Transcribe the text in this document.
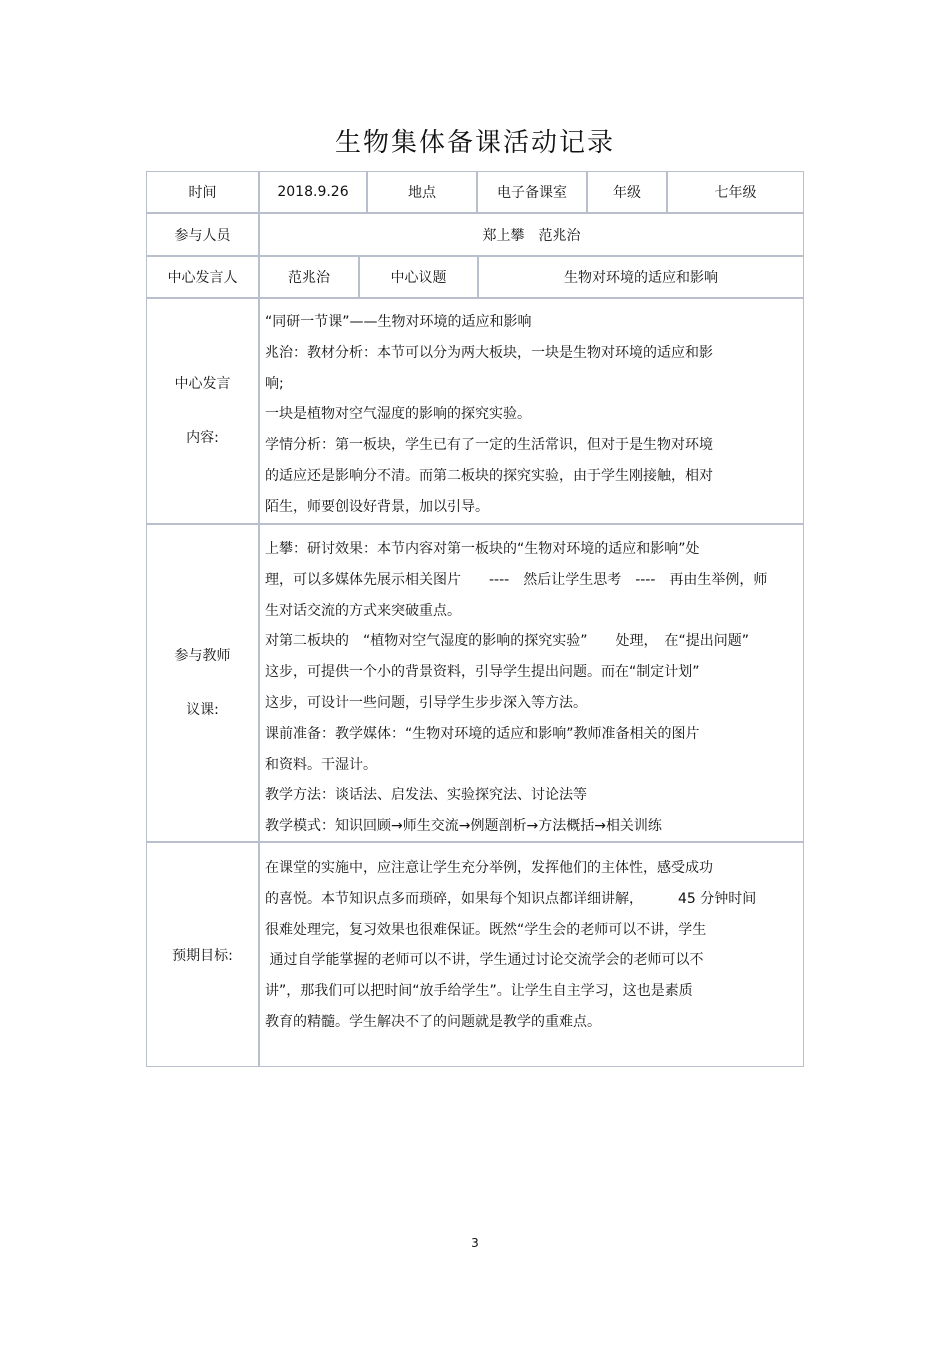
生物集体备课活动记录
时间	2018.9.26	地点	电子备课室	年级	七年级
参与人员	郑上攀　范兆治
中心发言人	范兆治	中心议题	生物对环境的适应和影响
中心发言
内容:
“同研一节课”——生物对环境的适应和影响
兆治：教材分析：本节可以分为两大板块，一块是生物对环境的适应和影
响;
一块是植物对空气湿度的影响的探究实验。
学情分析：第一板块，学生已有了一定的生活常识，但对于是生物对环境
的适应还是影响分不清。而第二板块的探究实验，由于学生刚接触，相对
陌生，师要创设好背景，加以引导。
参与教师
议课:
上攀：研讨效果：本节内容对第一板块的“生物对环境的适应和影响”处
理，可以多媒体先展示相关图片　　----　然后让学生思考　----　再由生举例，师
生对话交流的方式来突破重点。
对第二板块的　“植物对空气湿度的影响的探究实验”　　处理，　在“提出问题”
这步，可提供一个小的背景资料，引导学生提出问题。而在“制定计划”
这步，可设计一些问题，引导学生步步深入等方法。
课前准备：教学媒体：“生物对环境的适应和影响”教师准备相关的图片
和资料。干湿计。
教学方法：谈话法、启发法、实验探究法、讨论法等
教学模式：知识回顾→师生交流→例题剖析→方法概括→相关训练
预期目标:
在课堂的实施中，应注意让学生充分举例，发挥他们的主体性，感受成功
的喜悦。本节知识点多而琐碎，如果每个知识点都详细讲解，　　　45 分钟时间
很难处理完，复习效果也很难保证。既然“学生会的老师可以不讲，学生
通过自学能掌握的老师可以不讲，学生通过讨论交流学会的老师可以不
讲”，那我们可以把时间“放手给学生”。让学生自主学习，这也是素质
教育的精髓。学生解决不了的问题就是教学的重难点。
3
